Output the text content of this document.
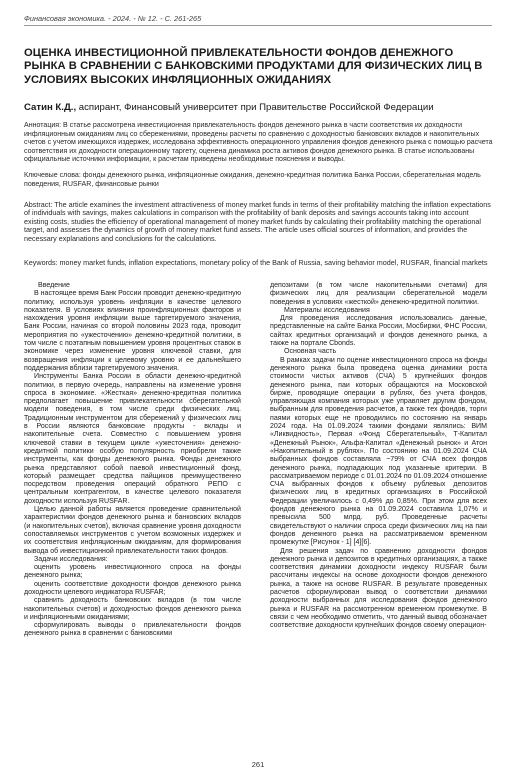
Финансовая экономика. - 2024. - № 12. - С. 261-265
ОЦЕНКА ИНВЕСТИЦИОННОЙ ПРИВЛЕКАТЕЛЬНОСТИ ФОНДОВ ДЕНЕЖНОГО РЫНКА В СРАВНЕНИИ С БАНКОВСКИМИ ПРОДУКТАМИ ДЛЯ ФИЗИЧЕСКИХ ЛИЦ В УСЛОВИЯХ ВЫСОКИХ ИНФЛЯЦИОННЫХ ОЖИДАНИЯХ

Сатин К.Д., аспирант, Финансовый университет при Правительстве Российской Федерации

Аннотация: В статье рассмотрена инвестиционная привлекательность фондов денежного рынка в части соответствия их доходности инфляционным ожиданиям лиц со сбережениями, проведены расчеты по сравнению с доходностью банковских вкладов и накопительных счетов с учетом имеющихся издержек, исследована эффективность операционного управления фондов денежного рынка с помощью расчета соответствия их доходности операционному таргету, оценена динамика роста активов фондов денежного рынка. В статье использованы официальные источники информации, к расчетам приведены необходимые пояснения и выводы.

Ключевые слова: фонды денежного рынка, инфляционные ожидания, денежно-кредитная политика Банка России, сберегательная модель поведения, RUSFAR, финансовые рынки

Abstract: The article examines the investment attractiveness of money market funds in terms of their profitability matching the inflation expectations of individuals with savings, makes calculations in comparison with the profitability of bank deposits and savings accounts taking into account existing costs, studies the efficiency of operational management of money market funds by calculating their profitability matching the operational target, and assesses the dynamics of growth of money market fund assets. The article uses official sources of information, and provides the necessary explanations and conclusions for the calculations.

Keywords: money market funds, inflation expectations, monetary policy of the Bank of Russia, saving behavior model, RUSFAR, financial markets

Введение

В настоящее время Банк России проводит денежно-кредитную политику, используя уровень инфляции в качестве целевого показателя. В условиях влияния проинфляционных факторов и нахождения уровня инфляции выше таргетируемого значения, Банк России, начиная со второй половины 2023 года, проводит мероприятия по «ужесточению» денежно-кредитной политики, в том числе с поэтапным повышением уровня процентных ставок в экономике через изменение уровня ключевой ставки, для возвращения инфляции к целевому уровню и ее дальнейшего поддержания вблизи таргетируемого значения.

Инструменты Банка России в области денежно-кредитной политики, в первую очередь, направлены на изменение уровня спроса в экономике. «Жесткая» денежно-кредитная политика предполагает повышение привлекательности сберегательной модели поведения, в том числе среди физических лиц. Традиционным инструментом для сбережений у физических лиц в России являются банковские продукты - вклады и накопительные счета. Совместно с повышением уровня ключевой ставки в текущем цикле «ужесточения» денежно-кредитной политики особую популярность приобрели также инструменты, как фонды денежного рынка. Фонды денежного рынка представляют собой паевой инвестиционный фонд, который размещает средства пайщиков преимущественно посредством проведения операций обратного РЕПО с центральным контрагентом, в качестве целевого показателя доходности используя RUSFAR.

Целью данной работы является проведение сравнительной характеристики фондов денежного рынка и банковских вкладов (и накопительных счетов), включая сравнение уровня доходности сопоставляемых инструментов с учетом возможных издержек и их соответствия инфляционным ожиданиям, для формирования вывода об инвестиционной привлекательности таких фондов.

Задачи исследования:

оценить уровень инвестиционного спроса на фонды денежного рынка;

оценить соответствие доходности фондов денежного рынка доходности целевого индикатора RUSFAR;

сравнить доходность банковских вкладов (в том числе накопительных счетов) и доходностью фондов денежного рынка и инфляционными ожиданиями;

сформулировать выводы о привлекательности фондов денежного рынка в сравнении с банковскими

депозитами (в том числе накопительными счетами) для физических лиц для реализации сберегательной модели поведения в условиях «жесткой» денежно-кредитной политики.

Материалы исследования

Для проведения исследования использовались данные, представленные на сайте Банка России, Мосбиржи, ФНС России, сайтах кредитных организаций и фондов денежного рынка, а также на портале Cbonds.

Основная часть

В рамках задачи по оценке инвестиционного спроса на фонды денежного рынка была проведена оценка динамики роста стоимости чистых активов (СЧА) 5 крупнейших фондов денежного рынка, паи которых обращаются на Московской бирже, проводящие операции в рублях, без учета фондов, управляющая компания которых уже управляет другим фондом, выбранным для проведения расчетов, а также тех фондов, торги паями которых еще не проводились по состоянию на январь 2024 года. На 01.09.2024 такими фондами являлись: ВИМ «Ликвидность», Первая «Фонд Сберегательный», Т-Капитал «Денежный Рынок», Альфа-Капитал «Денежный рынок» и Атон «Накопительный в рублях». По состоянию на 01.09.2024 СЧА выбранных фондов составляла ~79% от СЧА всех фондов денежного рынка, подпадающих под указанные критерии. В рассматриваемом периоде с 01.01.2024 по 01.09.2024 отношение СЧА выбранных фондов к объему рублевых депозитов физических лиц в кредитных организациях в Российской Федерации увеличилось с 0,49% до 0,85%. При этом для всех фондов денежного рынка на 01.09.2024 составила 1,07% и превысила 500 млрд. руб. Проведенные расчеты свидетельствуют о наличии спроса среди физических лиц на паи фондов денежного рынка на рассматриваемом временном промежутке [Рисунок - 1] [4][6].

Для решения задач по сравнению доходности фондов денежного рынка и депозитов в кредитных организациях, а также соответствия динамики доходности индексу RUSFAR были рассчитаны индексы на основе доходности фондов денежного рынка, а также на основе RUSFAR. В результате проведенных расчетов сформулирован вывод о соответствии динамики доходности выбранных для исследования фондов денежного рынка и RUSFAR на рассмотренном временном промежутке. В связи с чем необходимо отметить, что данный вывод обозначает соответствие доходности крупнейших фондов своему операцион-

261
